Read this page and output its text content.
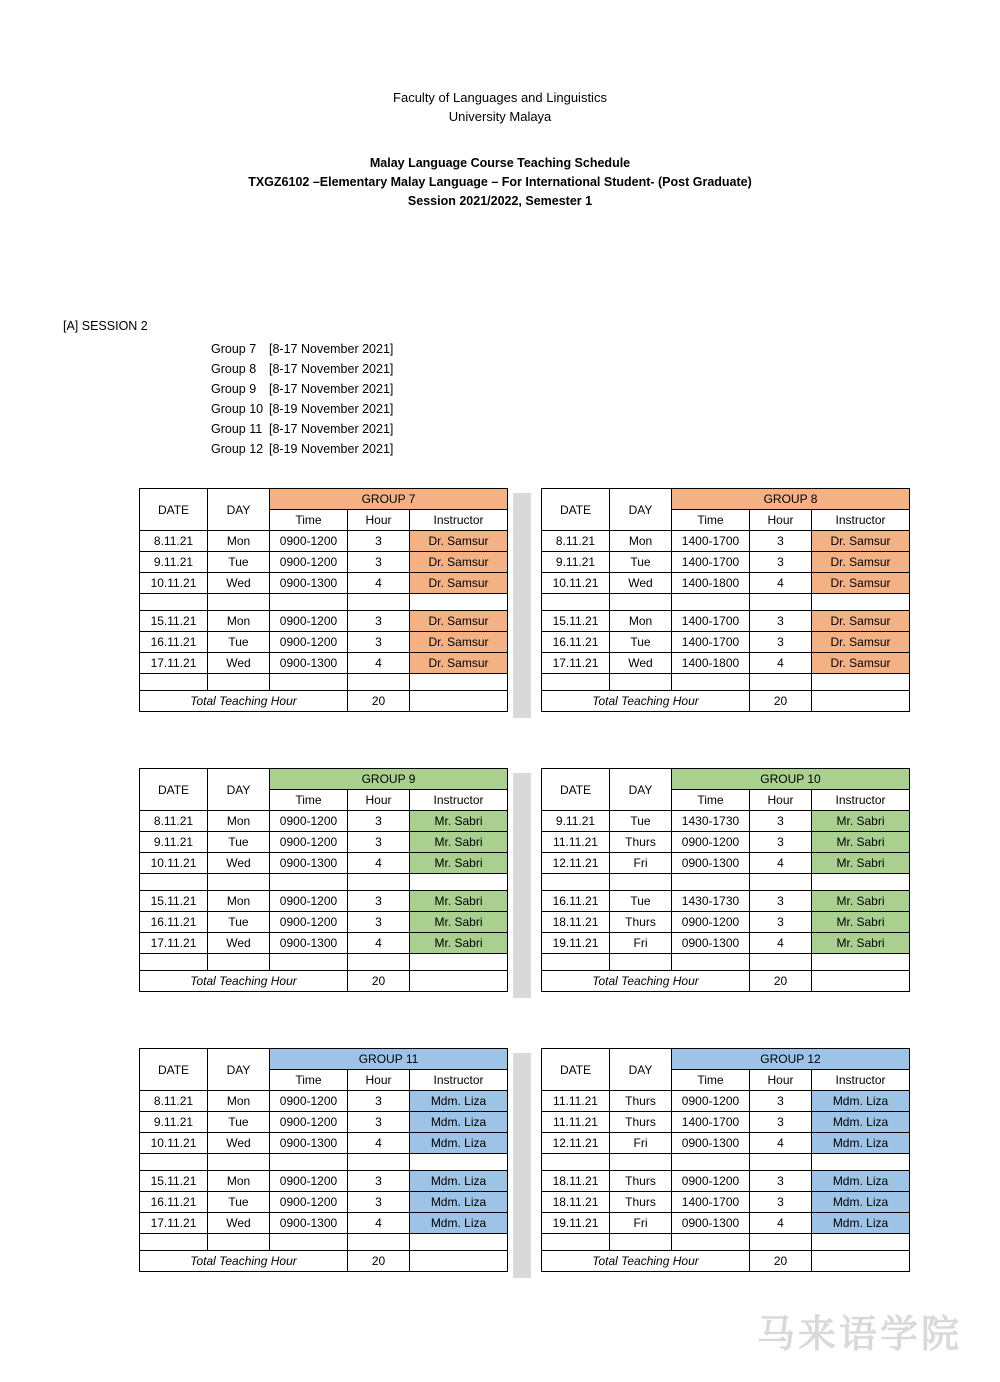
Faculty of Languages and Linguistics
University Malaya
Malay Language Course Teaching Schedule
TXGZ6102 –Elementary Malay Language – For International Student- (Post Graduate)
Session 2021/2022, Semester 1
[A] SESSION 2
Group 7	[8-17 November 2021]
Group 8	[8-17 November 2021]
Group 9	[8-17 November 2021]
Group 10 [8-19 November 2021]
Group 11 [8-17 November 2021]
Group 12 [8-19 November 2021]
DATE	DAY	GROUP 7		
		Time	Hour	Instructor
8.11.21	Mon	0900-1200	3	Dr. Samsur
9.11.21	Tue	0900-1200	3	Dr. Samsur
10.11.21	Wed	0900-1300	4	Dr. Samsur

15.11.21	Mon	0900-1200	3	Dr. Samsur
16.11.21	Tue	0900-1200	3	Dr. Samsur
17.11.21	Wed	0900-1300	4	Dr. Samsur

Total Teaching Hour			20	
DATE	DAY	GROUP 8		
		Time	Hour	Instructor
8.11.21	Mon	1400-1700	3	Dr. Samsur
9.11.21	Tue	1400-1700	3	Dr. Samsur
10.11.21	Wed	1400-1800	4	Dr. Samsur

15.11.21	Mon	1400-1700	3	Dr. Samsur
16.11.21	Tue	1400-1700	3	Dr. Samsur
17.11.21	Wed	1400-1800	4	Dr. Samsur

Total Teaching Hour			20	
DATE	DAY	GROUP 9		
		Time	Hour	Instructor
8.11.21	Mon	0900-1200	3	Mr. Sabri
9.11.21	Tue	0900-1200	3	Mr. Sabri
10.11.21	Wed	0900-1300	4	Mr. Sabri

15.11.21	Mon	0900-1200	3	Mr. Sabri
16.11.21	Tue	0900-1200	3	Mr. Sabri
17.11.21	Wed	0900-1300	4	Mr. Sabri

Total Teaching Hour			20	
DATE	DAY	GROUP 10		
		Time	Hour	Instructor
9.11.21	Tue	1430-1730	3	Mr. Sabri
11.11.21	Thurs	0900-1200	3	Mr. Sabri
12.11.21	Fri	0900-1300	4	Mr. Sabri

16.11.21	Tue	1430-1730	3	Mr. Sabri
18.11.21	Thurs	0900-1200	3	Mr. Sabri
19.11.21	Fri	0900-1300	4	Mr. Sabri

Total Teaching Hour			20	
DATE	DAY	GROUP 11		
		Time	Hour	Instructor
8.11.21	Mon	0900-1200	3	Mdm. Liza
9.11.21	Tue	0900-1200	3	Mdm. Liza
10.11.21	Wed	0900-1300	4	Mdm. Liza

15.11.21	Mon	0900-1200	3	Mdm. Liza
16.11.21	Tue	0900-1200	3	Mdm. Liza
17.11.21	Wed	0900-1300	4	Mdm. Liza

Total Teaching Hour			20	
DATE	DAY	GROUP 12		
		Time	Hour	Instructor
11.11.21	Thurs	0900-1200	3	Mdm. Liza
11.11.21	Thurs	1400-1700	3	Mdm. Liza
12.11.21	Fri	0900-1300	4	Mdm. Liza

18.11.21	Thurs	0900-1200	3	Mdm. Liza
18.11.21	Thurs	1400-1700	3	Mdm. Liza
19.11.21	Fri	0900-1300	4	Mdm. Liza

Total Teaching Hour			20	
马来语学院
